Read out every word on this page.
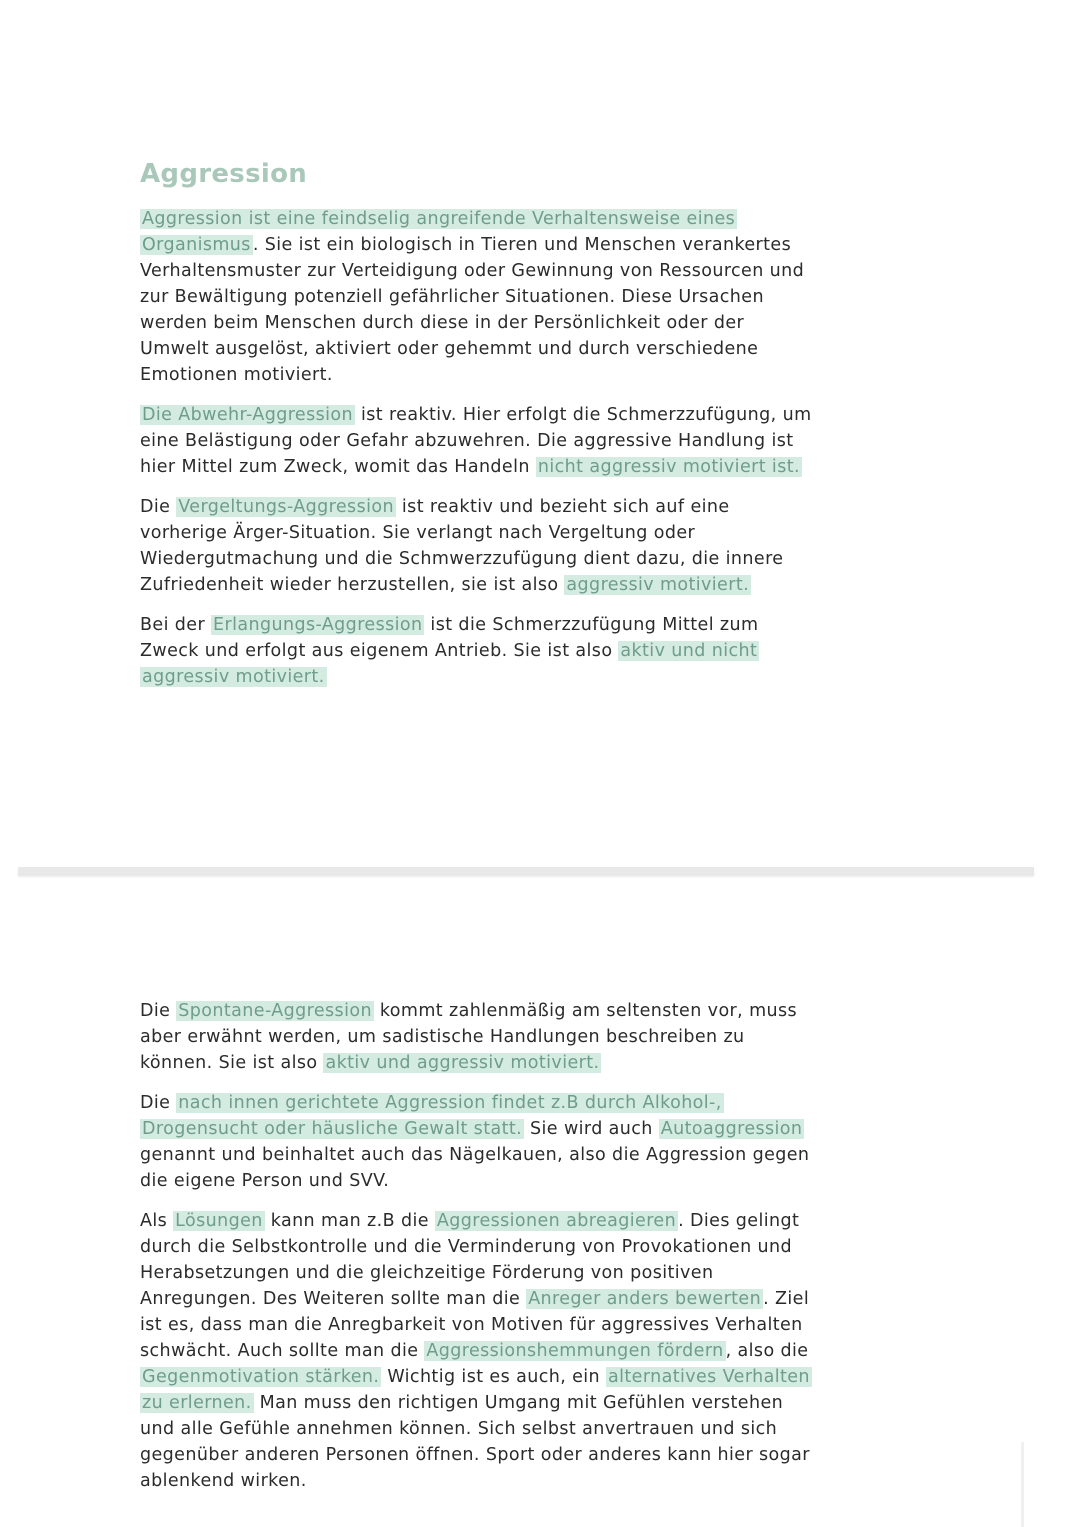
Aggression

Aggression ist eine feindselig angreifende Verhaltensweise eines
Organismus . Sie ist ein biologisch in Tieren und Menschen verankertes
Verhaltensmuster zur Verteidigung oder Gewinnung von Ressourcen und
zur Bewältigung potenziell gefährlicher Situationen. Diese Ursachen
werden beim Menschen durch diese in der Persönlichkeit oder der
Umwelt ausgelöst, aktiviert oder gehemmt und durch verschiedene
Emotionen motiviert.

Die Abwehr-Aggression ist reaktiv. Hier erfolgt die Schmerzzufügung, um
eine Belästigung oder Gefahr abzuwehren. Die aggressive Handlung ist
hier Mittel zum Zweck, womit das Handeln nicht aggressiv motiviert ist.

Die Vergeltungs-Aggression ist reaktiv und bezieht sich auf eine
vorherige Ärger-Situation. Sie verlangt nach Vergeltung oder
Wiedergutmachung und die Schmwerzzufügung dient dazu, die innere
Zufriedenheit wieder herzustellen, sie ist also aggressiv motiviert.

Bei der Erlangungs-Aggression ist die Schmerzzufügung Mittel zum
Zweck und erfolgt aus eigenem Antrieb. Sie ist also aktiv und nicht
aggressiv motiviert.

Die Spontane-Aggression kommt zahlenmäßig am seltensten vor, muss
aber erwähnt werden, um sadistische Handlungen beschreiben zu
können. Sie ist also aktiv und aggressiv motiviert.

Die nach innen gerichtete Aggression findet z.B durch Alkohol-,
Drogensucht oder häusliche Gewalt statt. Sie wird auch Autoaggression
genannt und beinhaltet auch das Nägelkauen, also die Aggression gegen
die eigene Person und SVV.

Als Lösungen kann man z.B die Aggressionen abreagieren . Dies gelingt
durch die Selbstkontrolle und die Verminderung von Provokationen und
Herabsetzungen und die gleichzeitige Förderung von positiven
Anregungen. Des Weiteren sollte man die Anreger anders bewerten . Ziel
ist es, dass man die Anregbarkeit von Motiven für aggressives Verhalten
schwächt. Auch sollte man die Aggressionshemmungen fördern , also die
Gegenmotivation stärken. Wichtig ist es auch, ein alternatives Verhalten
zu erlernen. Man muss den richtigen Umgang mit Gefühlen verstehen
und alle Gefühle annehmen können. Sich selbst anvertrauen und sich
gegenüber anderen Personen öffnen. Sport oder anderes kann hier sogar
ablenkend wirken.
